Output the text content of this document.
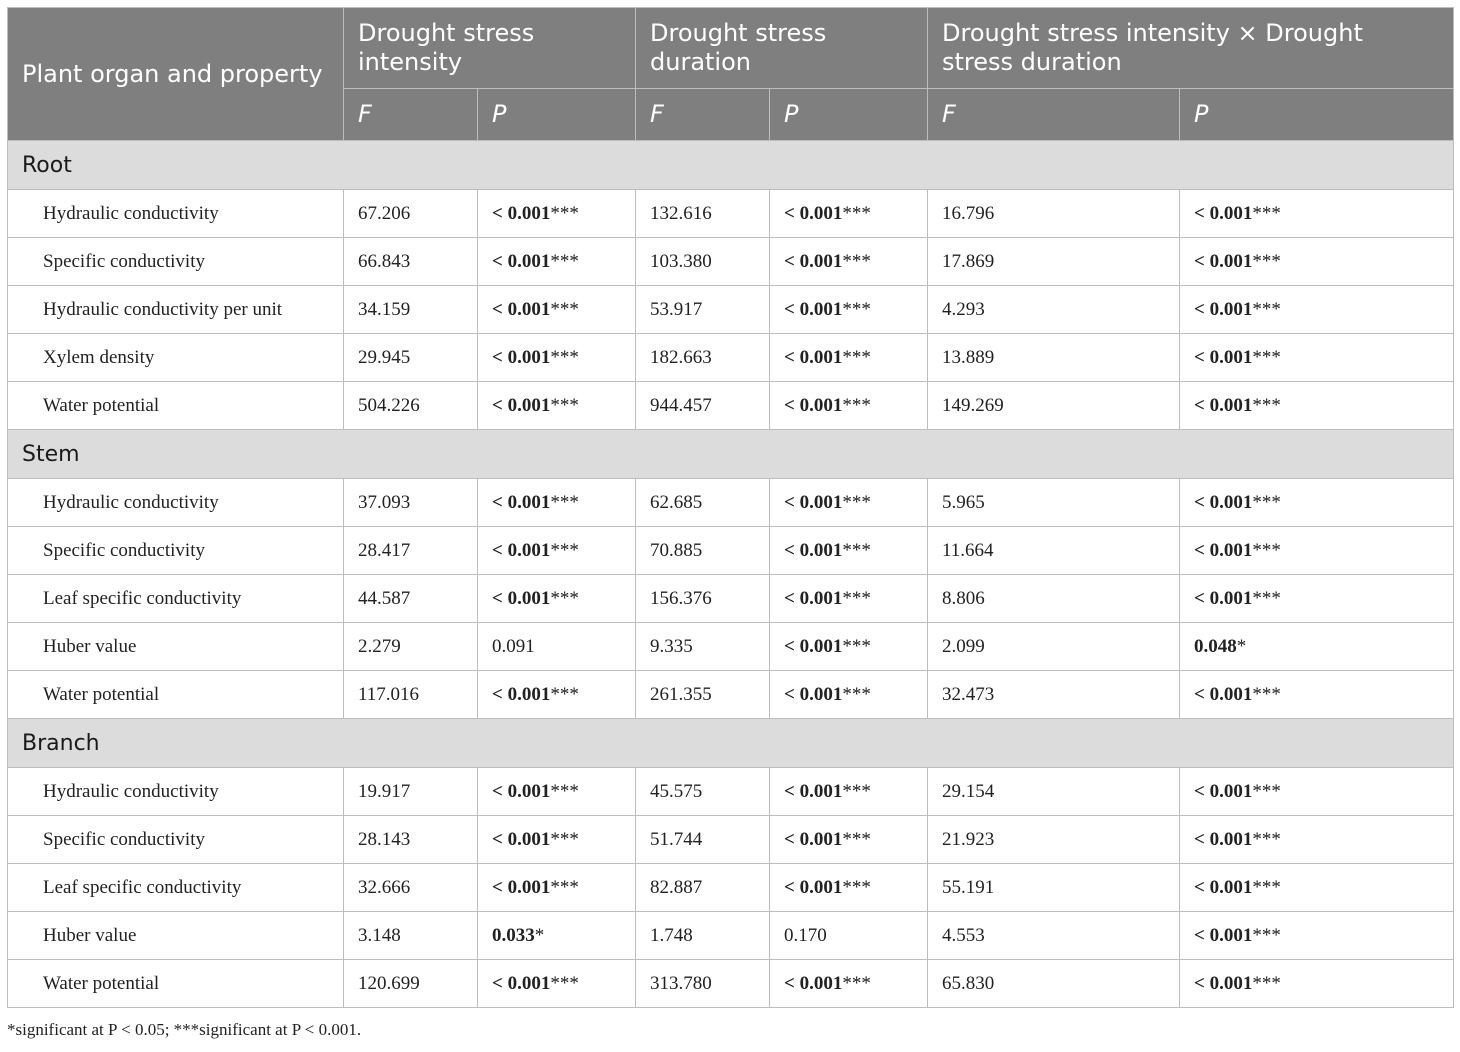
Plant organ and property	Drought stress intensity		Drought stress duration		Drought stress intensity × Drought stress duration	
	F	P	F	P	F	P
Root						
Hydraulic conductivity	67.206	< 0.001***	132.616	< 0.001***	16.796	< 0.001***
Specific conductivity	66.843	< 0.001***	103.380	< 0.001***	17.869	< 0.001***
Hydraulic conductivity per unit	34.159	< 0.001***	53.917	< 0.001***	4.293	< 0.001***
Xylem density	29.945	< 0.001***	182.663	< 0.001***	13.889	< 0.001***
Water potential	504.226	< 0.001***	944.457	< 0.001***	149.269	< 0.001***
Stem						
Hydraulic conductivity	37.093	< 0.001***	62.685	< 0.001***	5.965	< 0.001***
Specific conductivity	28.417	< 0.001***	70.885	< 0.001***	11.664	< 0.001***
Leaf specific conductivity	44.587	< 0.001***	156.376	< 0.001***	8.806	< 0.001***
Huber value	2.279	0.091	9.335	< 0.001***	2.099	0.048*
Water potential	117.016	< 0.001***	261.355	< 0.001***	32.473	< 0.001***
Branch						
Hydraulic conductivity	19.917	< 0.001***	45.575	< 0.001***	29.154	< 0.001***
Specific conductivity	28.143	< 0.001***	51.744	< 0.001***	21.923	< 0.001***
Leaf specific conductivity	32.666	< 0.001***	82.887	< 0.001***	55.191	< 0.001***
Huber value	3.148	0.033*	1.748	0.170	4.553	< 0.001***
Water potential	120.699	< 0.001***	313.780	< 0.001***	65.830	< 0.001***

*significant at P < 0.05; ***significant at P < 0.001.
